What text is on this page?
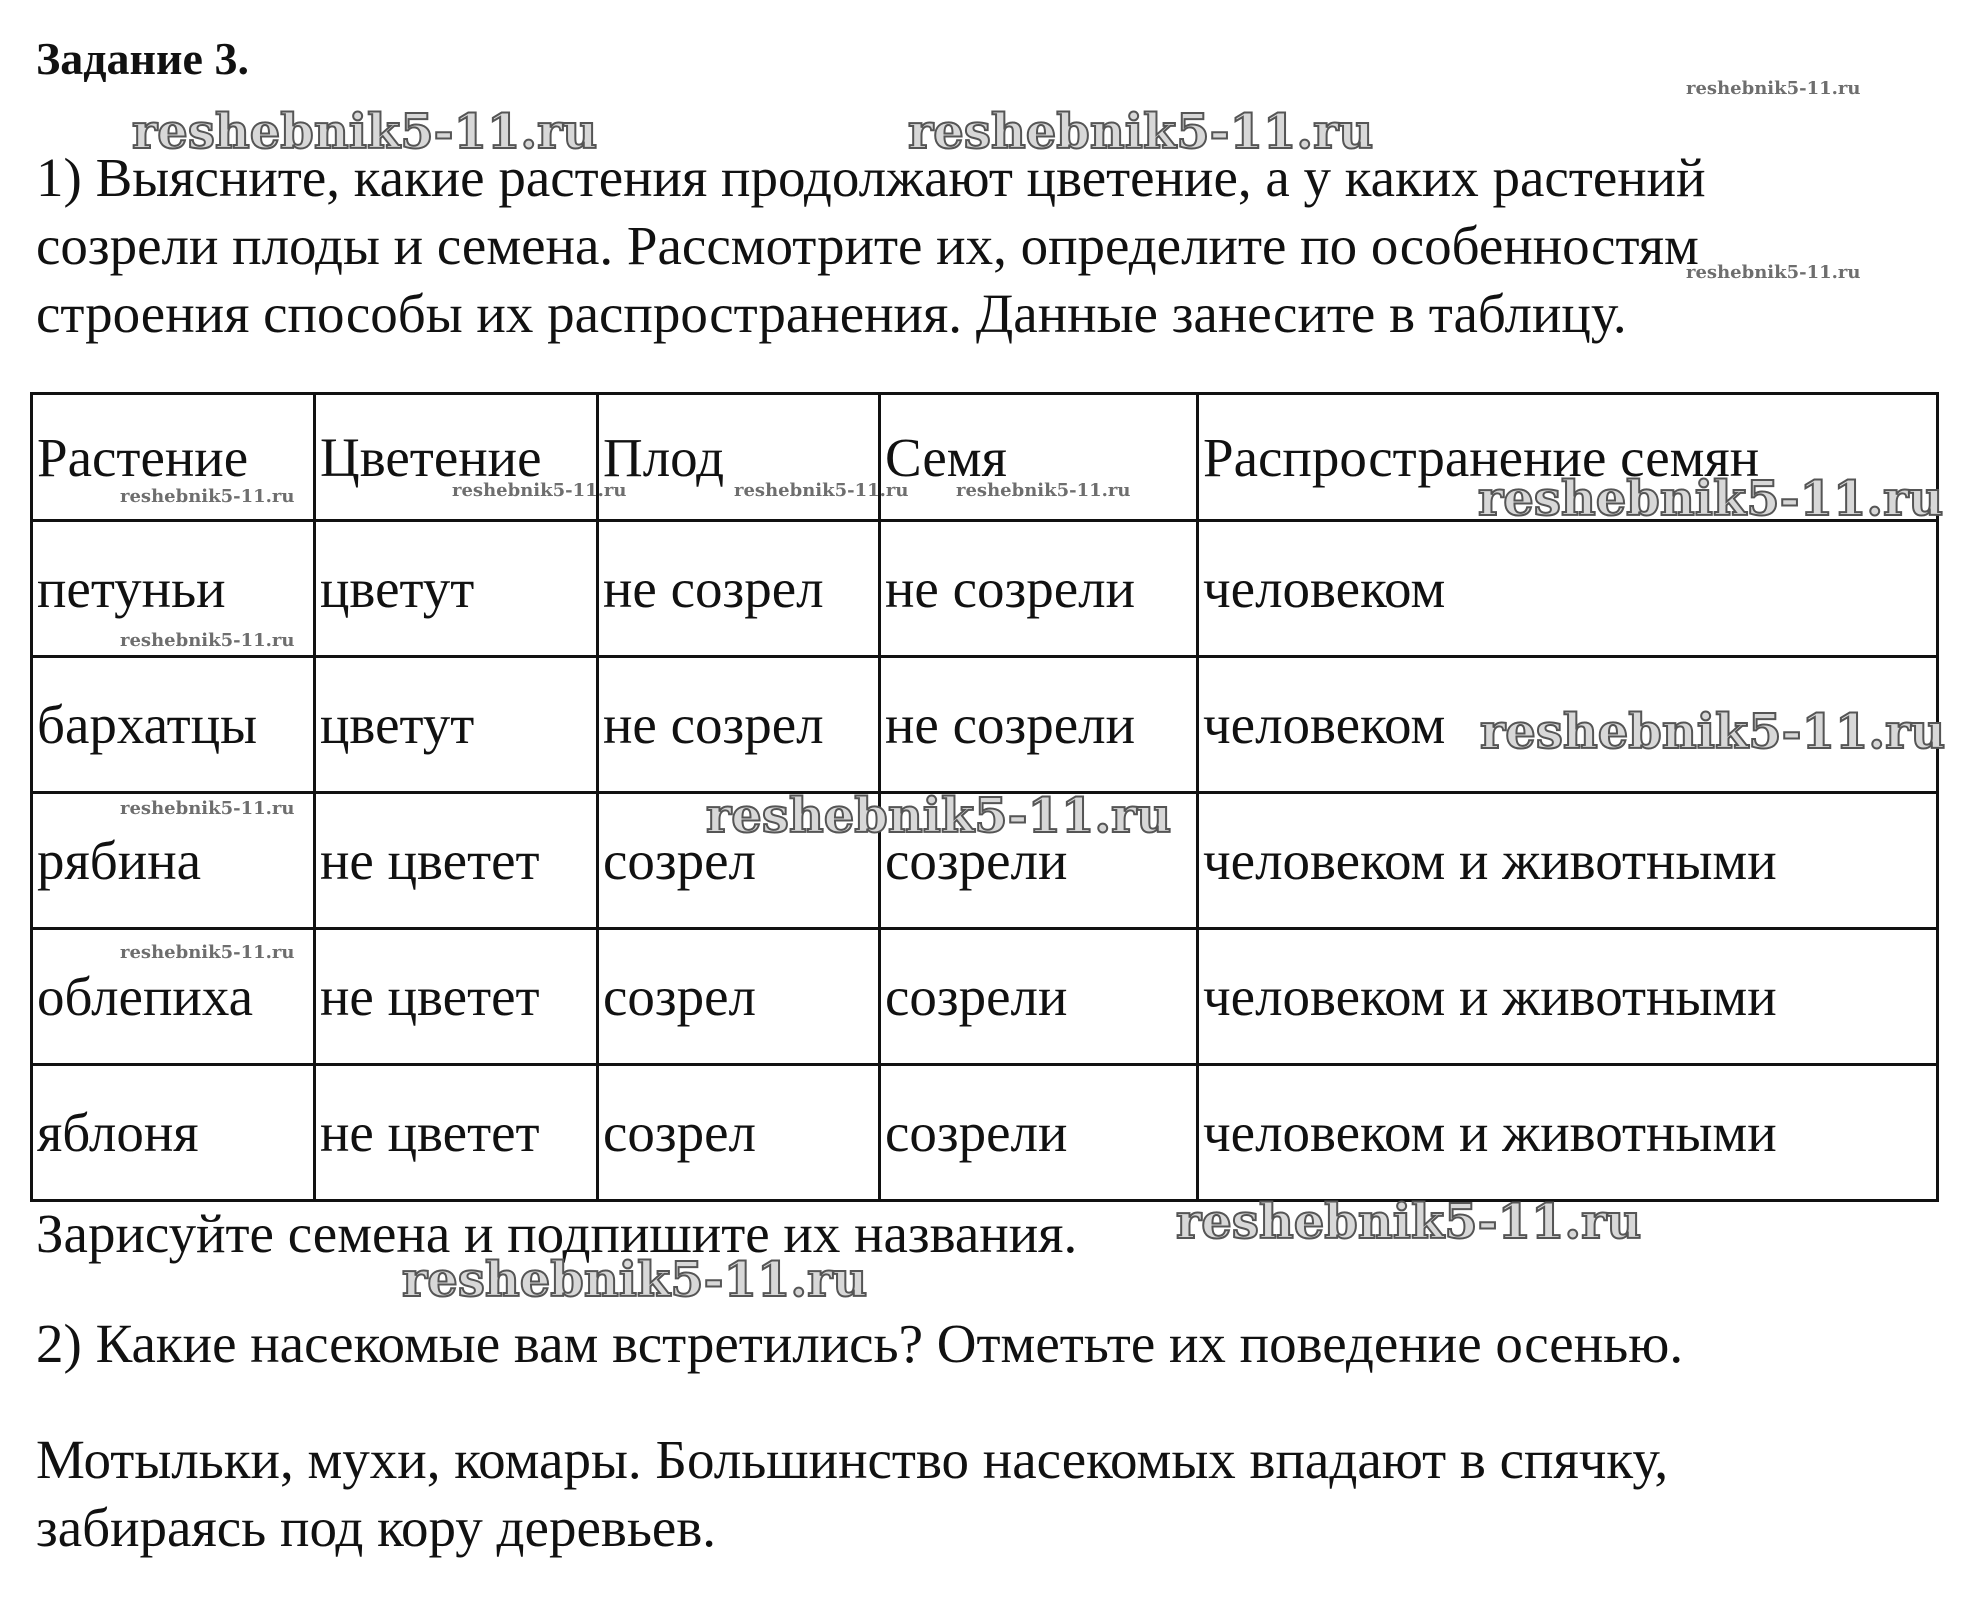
Задание 3.
1) Выясните, какие растения продолжают цветение, а у каких растений
созрели плоды и семена. Рассмотрите их, определите по особенностям
строения способы их распространения. Данные занесите в таблицу.
Растение	Цветение	Плод	Семя	Распространение семян
петуньи	цветут	не созрел	не созрели	человеком
бархатцы	цветут	не созрел	не созрели	человеком
рябина	не цветет	созрел	созрели	человеком и животными
облепиха	не цветет	созрел	созрели	человеком и животными
яблоня	не цветет	созрел	созрели	человеком и животными
Зарисуйте семена и подпишите их названия.
2) Какие насекомые вам встретились? Отметьте их поведение осенью.
Мотыльки, мухи, комары. Большинство насекомых впадают в спячку,
забираясь под кору деревьев.
reshebnik5-11.ru
reshebnik5-11.ru	reshebnik5-11.ru
reshebnik5-11.ru
reshebnik5-11.ru	reshebnik5-11.ru	reshebnik5-11.ru	reshebnik5-11.ru	reshebnik5-11.ru
reshebnik5-11.ru
reshebnik5-11.ru
reshebnik5-11.ru	reshebnik5-11.ru
reshebnik5-11.ru
reshebnik5-11.ru
reshebnik5-11.ru
